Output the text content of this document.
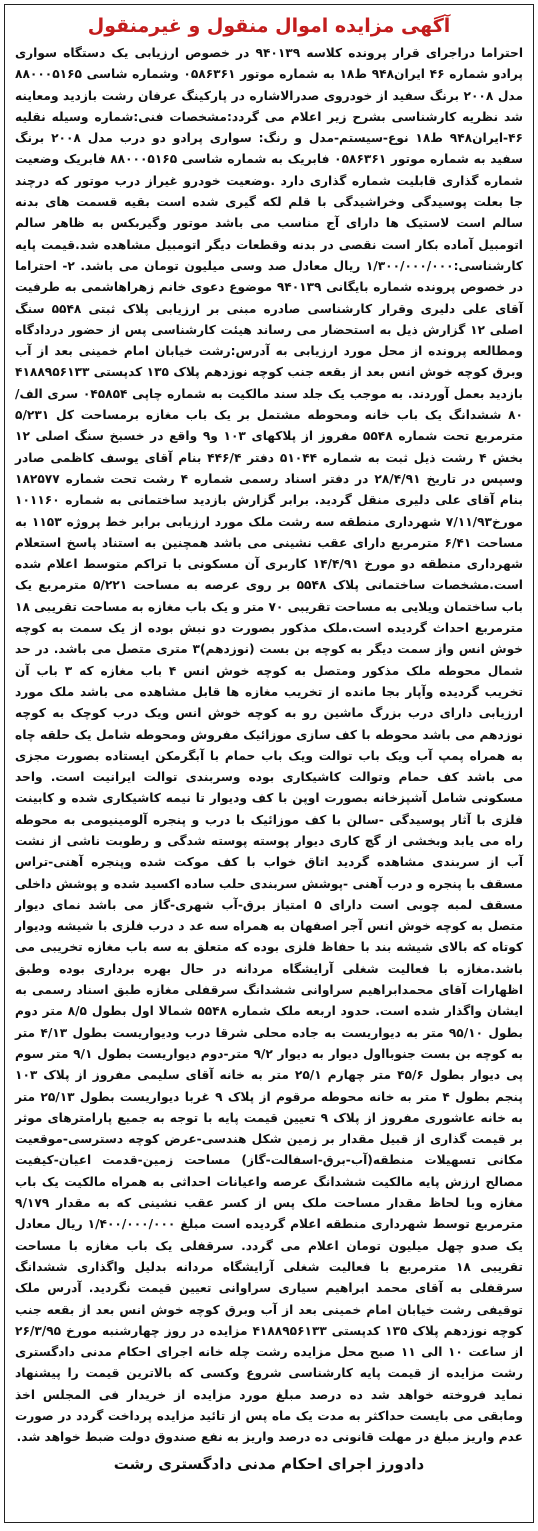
آگهی مزایده اموال منقول و غیرمنقول

احتراما دراجرای قرار پرونده کلاسه ۹۴۰۱۳۹ در خصوص ارزیابی یک دستگاه سواری پرادو شماره ۴۶ ایران۹۴۸ ط۱۸ به شماره موتور ۰۵۸۶۳۶۱ وشماره شاسی ۸۸۰۰۰۵۱۶۵ مدل ۲۰۰۸ برنگ سفید از خودروی صدرالاشاره در پارکینگ عرفان رشت بازدید ومعاینه شد نظریه کارشناسی بشرح زیر اعلام می گردد:مشخصات فنی:شماره وسیله نقلیه ۴۶-ایران۹۴۸ ط۱۸ نوع-سیستم-مدل و رنگ: سواری پرادو دو درب مدل ۲۰۰۸ برنگ سفید به شماره موتور ۰۵۸۶۳۶۱ فابریک به شماره شاسی ۸۸۰۰۰۵۱۶۵ فابریک وضعیت شماره گذاری قابلیت شماره گذاری دارد .وضعیت خودرو غیراز درب موتور که درچند جا بعلت پوسیدگی وخراشیدگی با قلم لکه گیری شده است بقیه قسمت های بدنه سالم است لاستیک ها دارای آج مناسب می باشد موتور وگیربکس به ظاهر سالم اتومبیل آماده بکار است نقصی در بدنه وقطعات دیگر اتومبیل مشاهده شد.قیمت پایه کارشناسی:۱/۳۰۰/۰۰۰/۰۰۰ ریال معادل صد وسی میلیون تومان می باشد. ۲- احتراما در خصوص پرونده شماره بایگانی ۹۴۰۱۳۹ موضوع دعوی خانم زهراهاشمی به طرفیت آقای علی دلیری وقرار کارشناسی صادره مبنی بر ارزیابی پلاک ثبتی ۵۵۴۸ سنگ اصلی ۱۲ گزارش ذیل به استحضار می رساند هیئت کارشناسی پس از حضور دردادگاه ومطالعه پرونده از محل مورد ارزیابی به آدرس:رشت خیابان امام خمینی بعد از آب وبرق کوچه خوش انس بعد از بقعه جنب کوچه نوزدهم پلاک ۱۳۵ کدپستی ۴۱۸۸۹۵۶۱۳۳ بازدید بعمل آوردند. به موجب یک جلد سند مالکیت به شماره چاپی ۰۴۵۸۵۴ سری الف/۸۰ ششدانگ یک باب خانه ومحوطه مشتمل بر یک باب مغازه برمساحت کل ۵/۲۳۱ مترمربع تحت شماره ۵۵۴۸ مفروز از پلاکهای ۱۰۳ و۹ واقع در خسبخ سنگ اصلی ۱۲ بخش ۴ رشت ذیل ثبت به شماره ۵۱۰۴۴ دفتر ۴۴۶/۴ بنام آقای یوسف کاظمی صادر وسپس در تاریخ ۲۸/۴/۹۱ در دفتر اسناد رسمی شماره ۴ رشت تحت شماره ۱۸۲۵۷۷ بنام آقای علی دلیری منقل گردید. برابر گزارش بازدید ساختمانی به شماره ۱۰۱۱۶۰ مورخ۷/۱۱/۹۳ شهرداری منطقه سه رشت ملک مورد ارزیابی برابر خط پروژه ۱۱۵۳ به مساحت ۶/۴۱ مترمربع دارای عقب نشینی می باشد همچنین به استناد پاسخ استعلام شهرداری منطقه دو مورخ ۱۴/۴/۹۱ کاربری آن مسکونی با تراکم متوسط اعلام شده است.مشخصات ساختمانی پلاک ۵۵۴۸ بر روی عرصه به مساحت ۵/۲۲۱ مترمربع یک باب ساختمان ویلایی به مساحت تقریبی ۷۰ متر و یک باب مغازه به مساحت تقریبی ۱۸ مترمربع احداث گردیده است.ملک مذکور بصورت دو نبش بوده از یک سمت به کوچه خوش انس واز سمت دیگر به کوچه بن بست (نوزدهم)۳ متری متصل می باشد. در حد شمال محوطه ملک مذکور ومتصل به کوچه خوش انس ۴ باب مغازه که ۳ باب آن تخریب گردیده وآپار بجا مانده از تخریب مغازه ها قابل مشاهده می باشد ملک مورد ارزیابی دارای درب بزرگ ماشین رو به کوچه خوش انس ویک درب کوچک به کوچه نوزدهم می باشد محوطه با کف سازی موزائیک مفروش ومحوطه شامل یک حلقه چاه به همراه پمپ آب ویک باب توالت ویک باب حمام با آبگرمکن ایستاده بصورت مجزی می باشد کف حمام وتوالت کاشیکاری بوده وسربندی توالت ایرانیت است. واحد مسکونی شامل آشپزخانه بصورت اوپن با کف ودیوار تا نیمه کاشیکاری شده و کابینت فلزی با آثار پوسیدگی -سالن با کف موزائیک با درب و پنجره آلومینیومی به محوطه راه می یابد وبخشی از گچ کاری دیوار پوسته پوسته شدگی و رطوبت ناشی از نشت آب از سربندی مشاهده گردید اتاق خواب با کف موکت شده وپنجره آهنی-تراس مسقف با پنجره و درب آهنی -پوشش سربندی حلب ساده اکسید شده و پوشش داخلی مسقف لمبه چوبی است دارای ۵ امتیاز برق-آب شهری-گاز می باشد نمای دیوار متصل به کوچه خوش انس آجر اصفهان به همراه سه عد د درب فلزی با شیشه ودیوار کوتاه که بالای شیشه بند با حفاظ فلزی بوده که متعلق به سه باب مغازه تخریبی می باشد.مغازه با فعالیت شغلی آرایشگاه مردانه در حال بهره برداری بوده وطبق اظهارات آقای محمدابراهیم سراوانی ششدانگ سرقفلی مغازه طبق اسناد رسمی به ایشان واگذار شده است. حدود اربعه ملک شماره ۵۵۴۸ شمالا اول بطول ۸/۵ متر دوم بطول ۹۵/۱۰ متر به دیواریست به جاده محلی شرقا درب ودیواریست بطول ۴/۱۳ متر به کوچه بن بست جنوبااول دیوار به دیوار ۹/۲ متر-دوم دیواریست بطول ۹/۱ متر سوم پی دیوار بطول ۴۵/۶ متر چهارم ۲۵/۱ متر به خانه آقای سلیمی مفروز از پلاک ۱۰۳ پنجم بطول ۴ متر به خانه محوطه مرقوم از پلاک ۹ غربا دیواریست بطول ۲۵/۱۳ متر به خانه عاشوری مفروز از پلاک ۹ تعیین قیمت پایه با توجه به جمیع پارامترهای موثر بر قیمت گذاری از قبیل مقدار بر زمین شکل هندسی-عرض کوچه دسترسی-موقعیت مکانی تسهیلات منطقه(آب-برق-اسفالت-گاز) مساحت زمین-قدمت اعیان-کیفیت مصالح ارزش پایه مالکیت ششدانگ عرصه واعیانات احداثی به همراه مالکیت یک باب مغازه وبا لحاظ مقدار مساحت ملک پس از کسر عقب نشینی که به مقدار ۹/۱۷۹ مترمربع توسط شهرداری منطقه اعلام گردیده است مبلغ ۱/۴۰۰/۰۰۰/۰۰۰ ریال معادل یک صدو چهل میلیون تومان اعلام می گردد. سرقفلی یک باب مغازه با مساحت تقریبی ۱۸ مترمربع با فعالیت شغلی آرایشگاه مردانه بدلیل واگذاری ششدانگ سرقفلی به آقای محمد ابراهیم سیاری سراوانی تعیین قیمت نگردید. آدرس ملک توقیفی رشت خیابان امام خمینی بعد از آب وبرق کوچه خوش انس بعد از بقعه جنب کوچه نوزدهم پلاک ۱۳۵ کدپستی ۴۱۸۸۹۵۶۱۳۳ مزایده در روز چهارشنبه مورخ ۲۶/۳/۹۵ از ساعت ۱۰ الی ۱۱ صبح محل مزایده رشت چله خانه اجرای احکام مدنی دادگستری رشت مزایده از قیمت پایه کارشناسی شروع وکسی که بالاترین قیمت را پیشنهاد نماید فروخته خواهد شد ده درصد مبلغ مورد مزایده از خریدار فی المجلس اخذ ومابقی می بایست حداکثر به مدت یک ماه پس از تائید مزایده پرداخت گردد در صورت عدم واریز مبلغ در مهلت قانونی ده درصد واریز به نفع صندوق دولت ضبط خواهد شد.

دادورز اجرای احکام مدنی دادگستری رشت
